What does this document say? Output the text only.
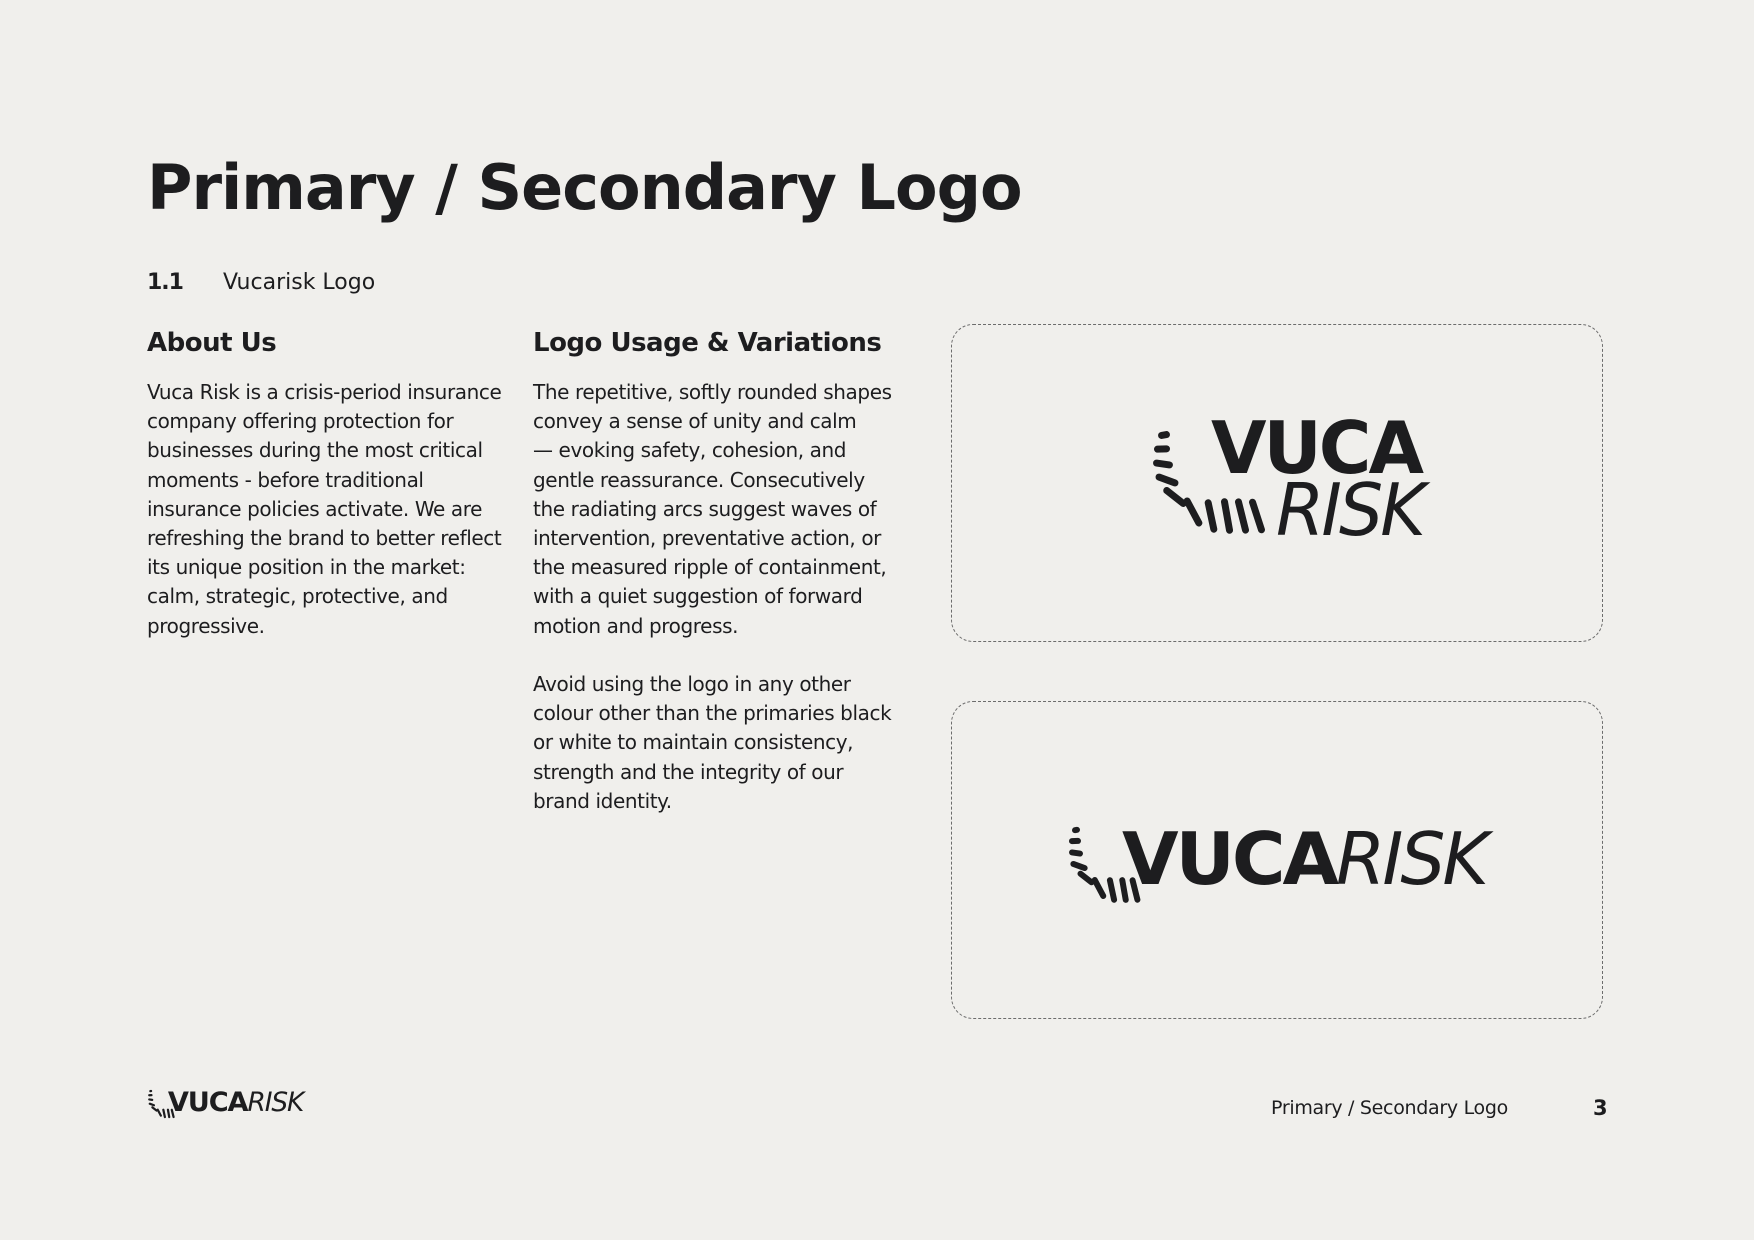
Primary / Secondary Logo
1.1 Vucarisk Logo
About Us

Vuca Risk is a crisis-period insurance
company offering protection for
businesses during the most critical
moments - before traditional
insurance policies activate. We are
refreshing the brand to better reflect
its unique position in the market:
calm, strategic, protective, and
progressive.

Logo Usage & Variations

The repetitive, softly rounded shapes
convey a sense of unity and calm
— evoking safety, cohesion, and
gentle reassurance. Consecutively
the radiating arcs suggest waves of
intervention, preventative action, or
the measured ripple of containment,
with a quiet suggestion of forward
motion and progress.

Avoid using the logo in any other
colour other than the primaries black
or white to maintain consistency,
strength and the integrity of our
brand identity.

VUCA
RISK
VUCA
RISK
VUCA
RISK	Primary / Secondary Logo	3
